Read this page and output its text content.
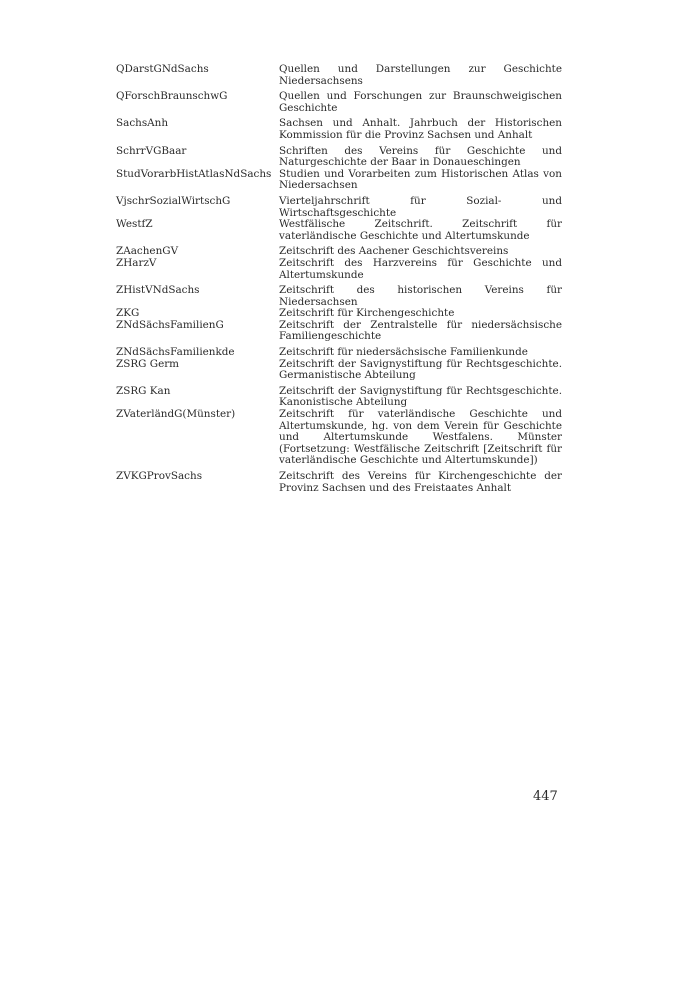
QDarstGNdSachs	Quellen und Darstellungen zur Geschichte Niedersachsens
QForschBraunschwG	Quellen und Forschungen zur Braunschweigischen Geschichte
SachsAnh	Sachsen und Anhalt. Jahrbuch der Historischen Kommission für die Provinz Sachsen und Anhalt
SchrrVGBaar	Schriften des Vereins für Geschichte und Naturgeschichte der Baar in Donaueschingen
StudVorarbHistAtlasNdSachs Studien und Vorarbeiten zum Historischen Atlas von Niedersachsen
VjschrSozialWirtschG	Vierteljahrschrift für Sozial- und Wirtschaftsgeschichte
WestfZ	Westfälische Zeitschrift. Zeitschrift für vaterländische Geschichte und Altertumskunde
ZAachenGV	Zeitschrift des Aachener Geschichtsvereins
ZHarzV	Zeitschrift des Harzvereins für Geschichte und Altertumskunde
ZHistVNdSachs	Zeitschrift des historischen Vereins für Niedersachsen
ZKG	Zeitschrift für Kirchengeschichte
ZNdSächsFamilienG	Zeitschrift der Zentralstelle für niedersächsische Familiengeschichte
ZNdSächsFamilienkde	Zeitschrift für niedersächsische Familienkunde
ZSRG Germ	Zeitschrift der Savignystiftung für Rechtsgeschichte. Germanistische Abteilung
ZSRG Kan	Zeitschrift der Savignystiftung für Rechtsgeschichte. Kanonistische Abteilung
ZVaterländG(Münster)	Zeitschrift für vaterländische Geschichte und Altertumskunde, hg. von dem Verein für Geschichte und Altertumskunde Westfalens. Münster (Fortsetzung: Westfälische Zeitschrift [Zeitschrift für vaterländische Geschichte und Altertumskunde])
ZVKGProvSachs	Zeitschrift des Vereins für Kirchengeschichte der Provinz Sachsen und des Freistaates Anhalt
447
